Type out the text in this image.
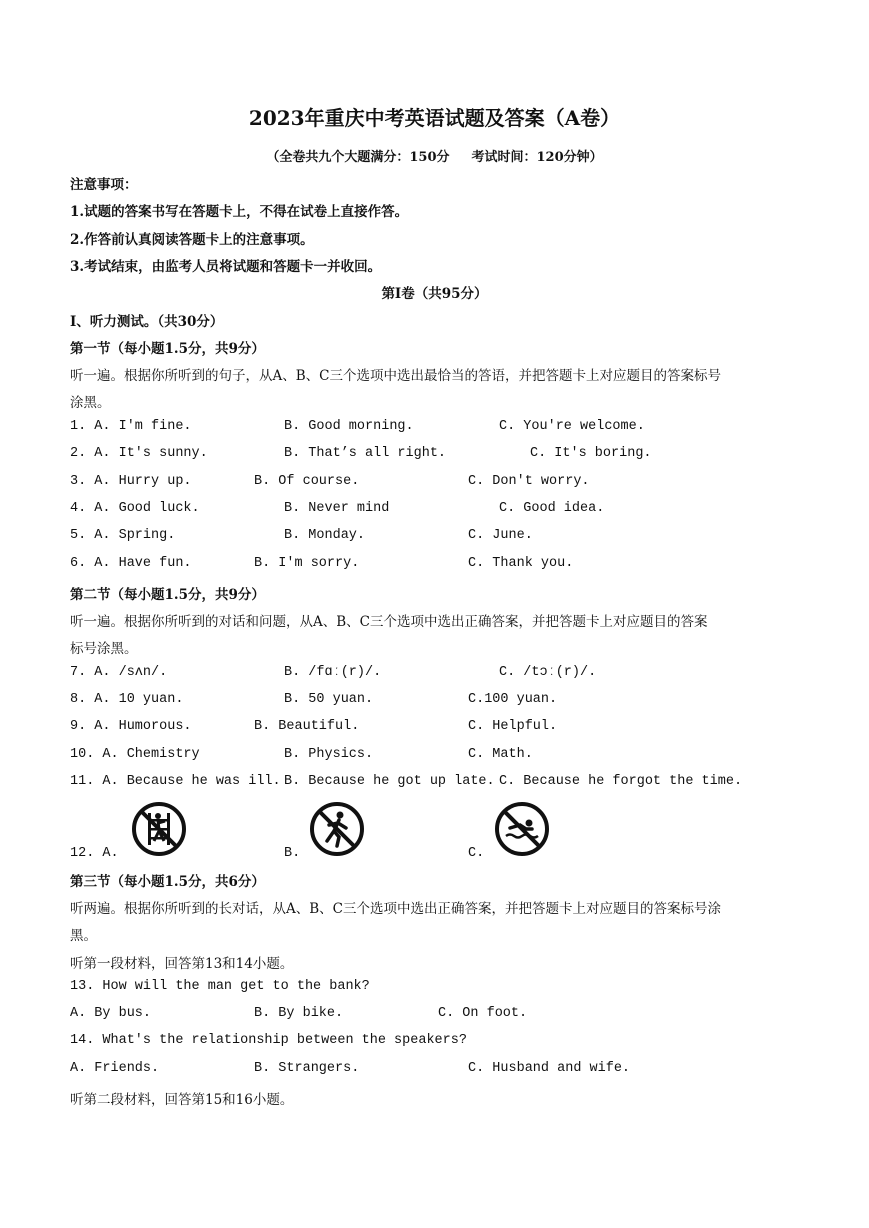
2023年重庆中考英语试题及答案（A卷）
（全卷共九个大题满分：150分 考试时间：120分钟）
注意事项：
1.试题的答案书写在答题卡上，不得在试卷上直接作答。
2.作答前认真阅读答题卡上的注意事项。
3.考试结束，由监考人员将试题和答题卡一并收回。
第Ⅰ卷（共95分）
Ⅰ、听力测试。（共30分）
第一节（每小题1.5分，共9分）
听一遍。根据你所听到的句子，从A、B、C三个选项中选出最恰当的答语，并把答题卡上对应题目的答案标号
涂黑。
1. A. I'm fine.	B. Good morning.	C. You're welcome.
2. A. It's sunny.	B. That’s all right.	C. It's boring.
3. A. Hurry up.	B. Of course.	C. Don't worry.
4. A. Good luck.	B. Never mind	C. Good idea.
5. A. Spring.	B. Monday.	C. June.
6. A. Have fun.	B. I'm sorry.	C. Thank you.
第二节（每小题1.5分，共9分）
听一遍。根据你所听到的对话和问题，从A、B、C三个选项中选出正确答案，并把答题卡上对应题目的答案
标号涂黑。
7. A. /sʌn/.	B. /fɑː(r)/.	C. /tɔː(r)/.
8. A. 10 yuan.	B. 50 yuan.	C.100 yuan.
9. A. Humorous.	B. Beautiful.	C. Helpful.
10. A. Chemistry	B. Physics.	C. Math.
11. A. Because he was ill. B. Because he got up late. C. Because he forgot the time.
12. A.	B.	C.
第三节（每小题1.5分，共6分）
听两遍。根据你所听到的长对话，从A、B、C三个选项中选出正确答案，并把答题卡上对应题目的答案标号涂
黑。
听第一段材料，回答第13和14小题。
13. How will the man get to the bank?
A. By bus.	B. By bike.	C. On foot.
14. What's the relationship between the speakers?
A. Friends.	B. Strangers.	C. Husband and wife.
听第二段材料，回答第15和16小题。
